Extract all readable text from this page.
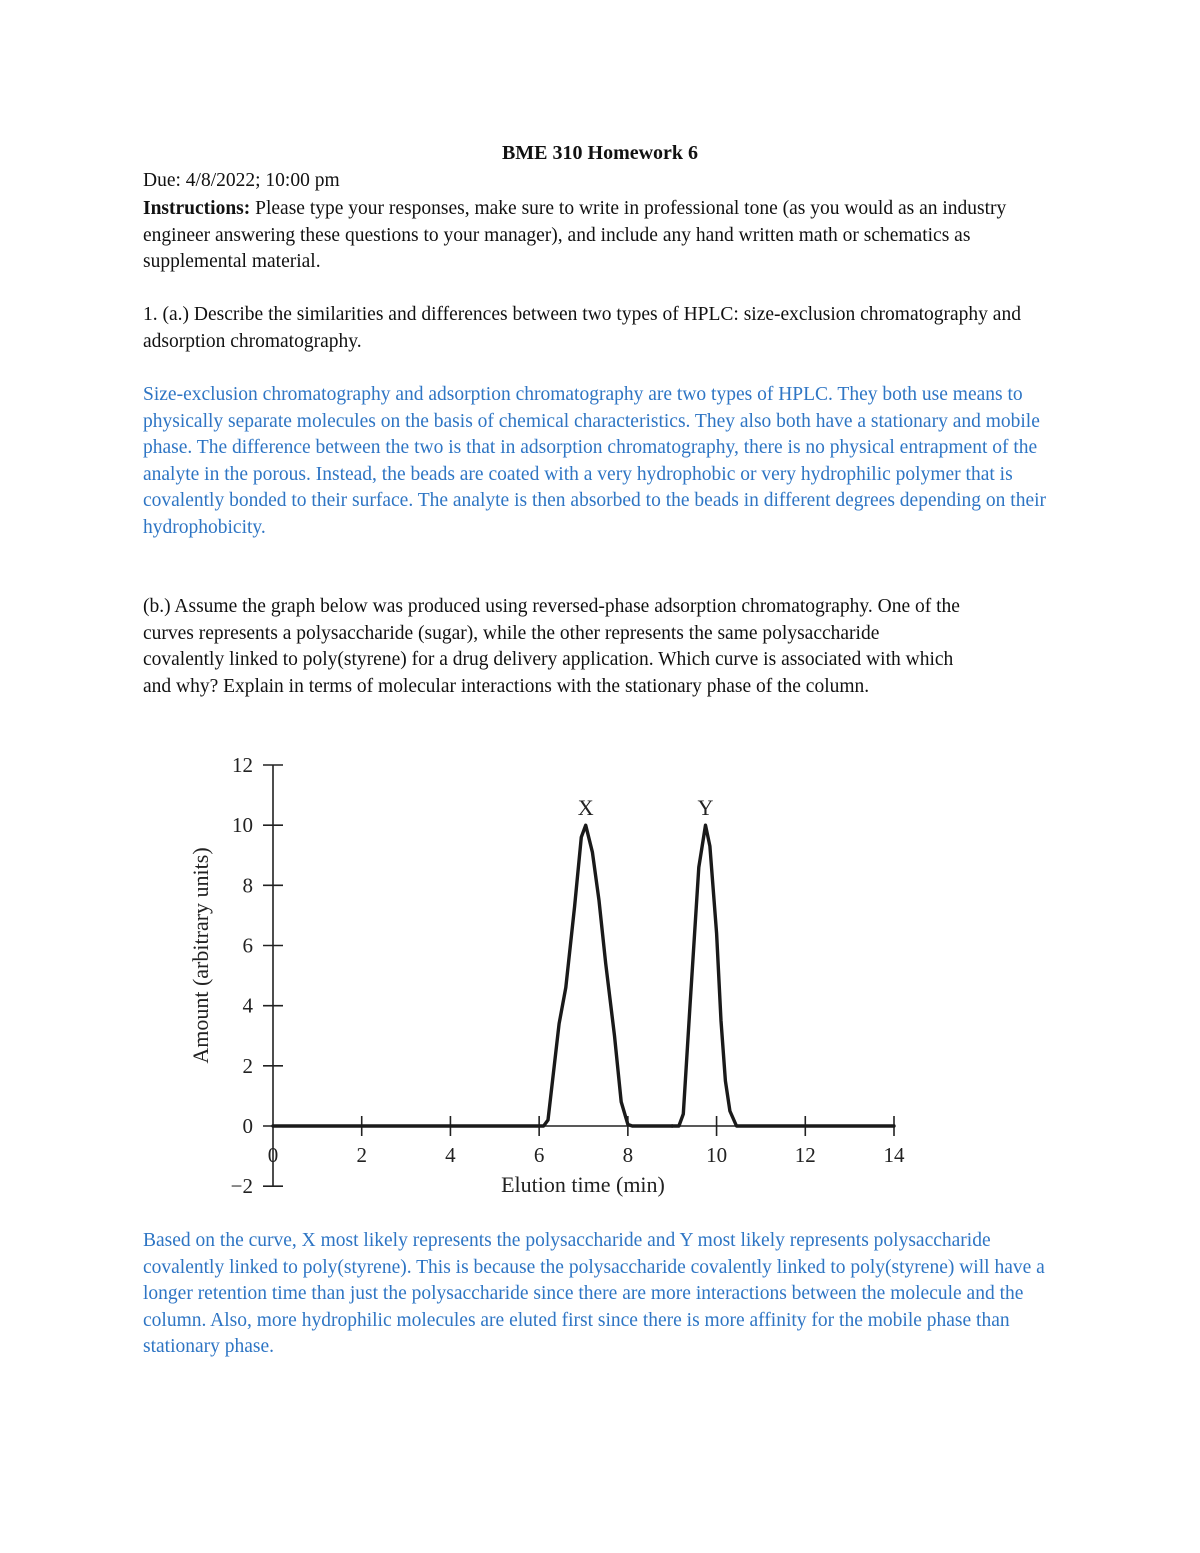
BME 310 Homework 6

Due: 4/8/2022; 10:00 pm

Instructions: Please type your responses, make sure to write in professional tone (as you would as an industry engineer answering these questions to your manager), and include any hand written math or schematics as supplemental material.

1. (a.) Describe the similarities and differences between two types of HPLC: size-exclusion chromatography and adsorption chromatography.

Size-exclusion chromatography and adsorption chromatography are two types of HPLC. They both use means to physically separate molecules on the basis of chemical characteristics. They also both have a stationary and mobile phase. The difference between the two is that in adsorption chromatography, there is no physical entrapment of the analyte in the porous. Instead, the beads are coated with a very hydrophobic or very hydrophilic polymer that is covalently bonded to their surface. The analyte is then absorbed to the beads in different degrees depending on their hydrophobicity.

(b.) Assume the graph below was produced using reversed-phase adsorption chromatography. One of the curves represents a polysaccharide (sugar), while the other represents the same polysaccharide covalently linked to poly(styrene) for a drug delivery application. Which curve is associated with which and why? Explain in terms of molecular interactions with the stationary phase of the column.

12
10
8
6
4
2
0
−2
0	2	4	6	8	10	12	14
Elution time (min)
Amount (arbitrary units)
X	Y

Based on the curve, X most likely represents the polysaccharide and Y most likely represents polysaccharide covalently linked to poly(styrene). This is because the polysaccharide covalently linked to poly(styrene) will have a longer retention time than just the polysaccharide since there are more interactions between the molecule and the column. Also, more hydrophilic molecules are eluted first since there is more affinity for the mobile phase than stationary phase.
